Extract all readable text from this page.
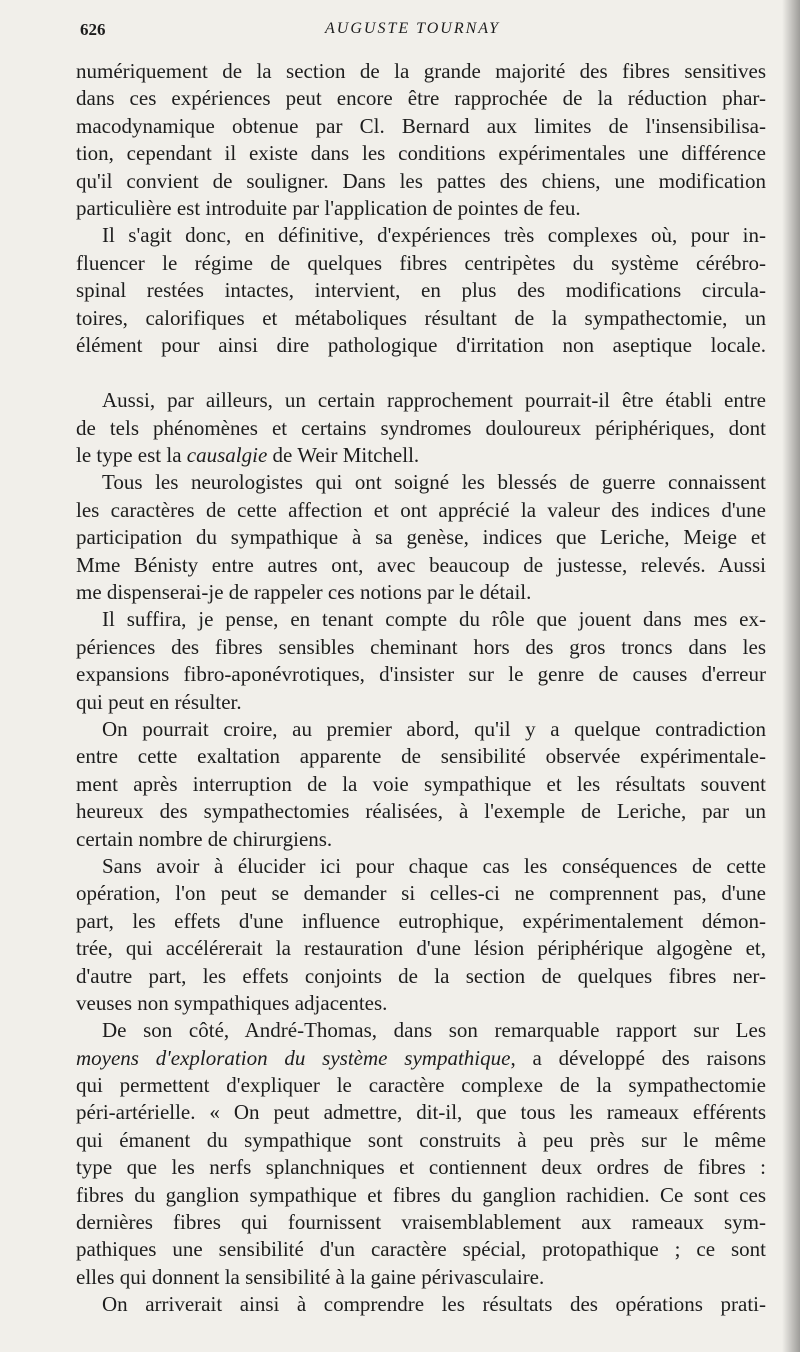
626	AUGUSTE TOURNAY
numériquement de la section de la grande majorité des fibres sensitives
dans ces expériences peut encore être rapprochée de la réduction phar-
macodynamique obtenue par Cl. Bernard aux limites de l'insensibilisa-
tion, cependant il existe dans les conditions expérimentales une différence
qu'il convient de souligner. Dans les pattes des chiens, une modification
particulière est introduite par l'application de pointes de feu.
Il s'agit donc, en définitive, d'expériences très complexes où, pour in-
fluencer le régime de quelques fibres centripètes du système cérébro-
spinal restées intactes, intervient, en plus des modifications circula-
toires, calorifiques et métaboliques résultant de la sympathectomie, un
élément pour ainsi dire pathologique d'irritation non aseptique locale.
Aussi, par ailleurs, un certain rapprochement pourrait-il être établi entre
de tels phénomènes et certains syndromes douloureux périphériques, dont
le type est la causalgie de Weir Mitchell.
Tous les neurologistes qui ont soigné les blessés de guerre connaissent
les caractères de cette affection et ont apprécié la valeur des indices d'une
participation du sympathique à sa genèse, indices que Leriche, Meige et
Mme Bénisty entre autres ont, avec beaucoup de justesse, relevés. Aussi
me dispenserai-je de rappeler ces notions par le détail.
Il suffira, je pense, en tenant compte du rôle que jouent dans mes ex-
périences des fibres sensibles cheminant hors des gros troncs dans les
expansions fibro-aponévrotiques, d'insister sur le genre de causes d'erreur
qui peut en résulter.
On pourrait croire, au premier abord, qu'il y a quelque contradiction
entre cette exaltation apparente de sensibilité observée expérimentale-
ment après interruption de la voie sympathique et les résultats souvent
heureux des sympathectomies réalisées, à l'exemple de Leriche, par un
certain nombre de chirurgiens.
Sans avoir à élucider ici pour chaque cas les conséquences de cette
opération, l'on peut se demander si celles-ci ne comprennent pas, d'une
part, les effets d'une influence eutrophique, expérimentalement démon-
trée, qui accélérerait la restauration d'une lésion périphérique algogène et,
d'autre part, les effets conjoints de la section de quelques fibres ner-
veuses non sympathiques adjacentes.
De son côté, André-Thomas, dans son remarquable rapport sur Les
moyens d'exploration du système sympathique, a développé des raisons
qui permettent d'expliquer le caractère complexe de la sympathectomie
péri-artérielle. « On peut admettre, dit-il, que tous les rameaux efférents
qui émanent du sympathique sont construits à peu près sur le même
type que les nerfs splanchniques et contiennent deux ordres de fibres :
fibres du ganglion sympathique et fibres du ganglion rachidien. Ce sont ces
dernières fibres qui fournissent vraisemblablement aux rameaux sym-
pathiques une sensibilité d'un caractère spécial, protopathique ; ce sont
elles qui donnent la sensibilité à la gaine périvasculaire.
On arriverait ainsi à comprendre les résultats des opérations prati-
